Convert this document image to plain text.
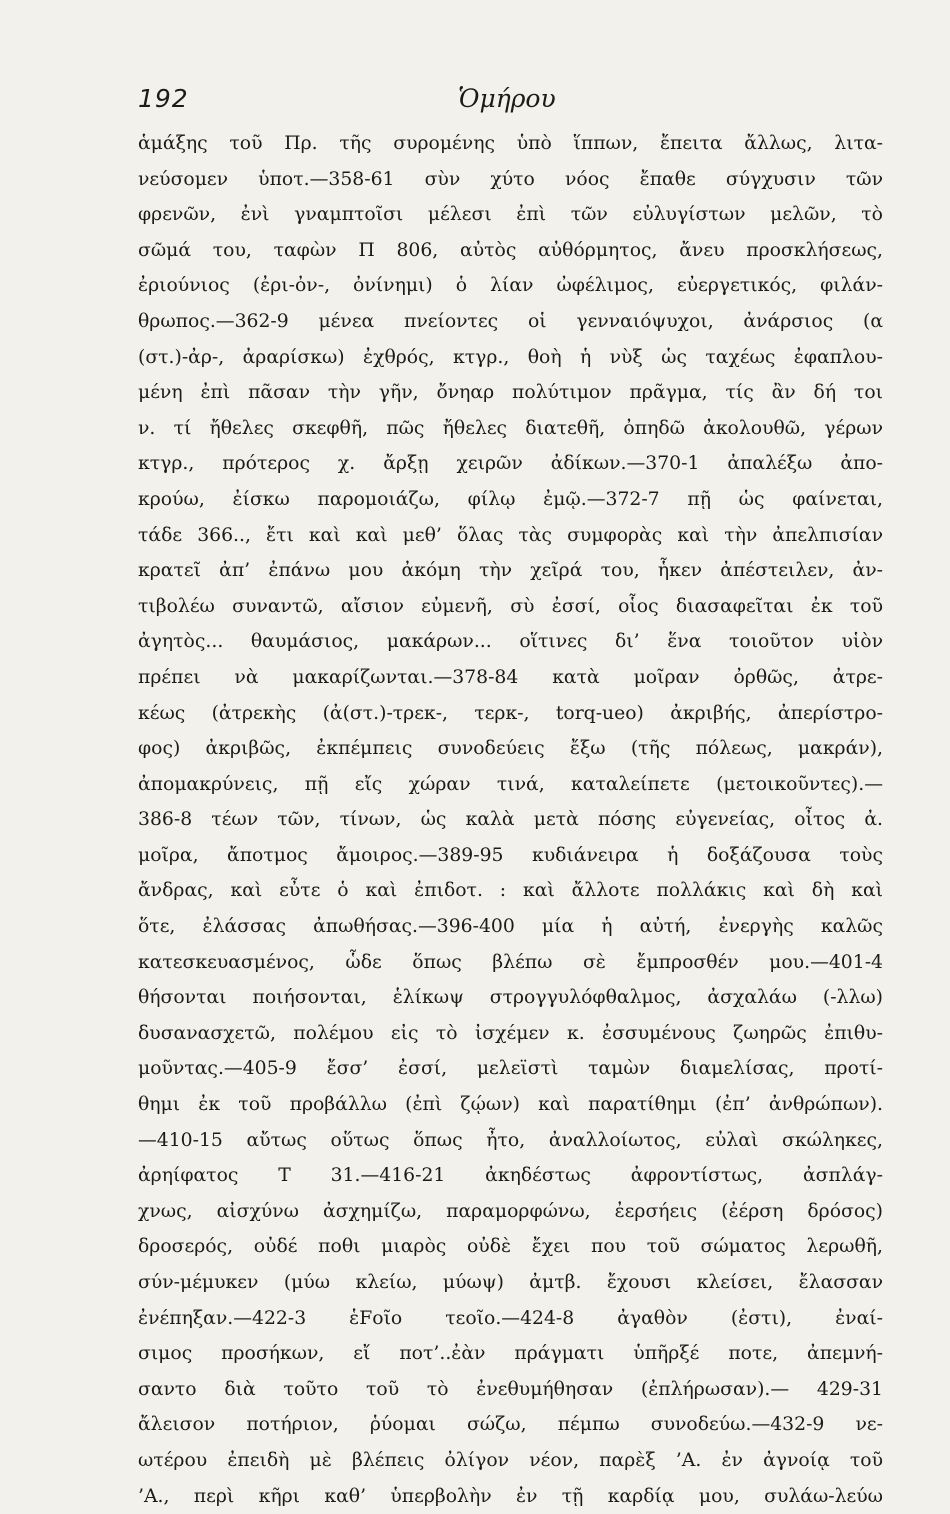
192	Ὁμήρου
ἁμάξης τοῦ Πρ. τῆς συρομένης ὑπὸ ἵππων, ἔπειτα ἄλλως, λιτα-
νεύσομεν ὑποτ.—358-61 σὺν χύτο νόος ἔπαθε σύγχυσιν τῶν
φρενῶν, ἐνὶ γναμπτοῖσι μέλεσι ἐπὶ τῶν εὐλυγίστων μελῶν, τὸ
σῶμά του, ταφὼν Π 806, αὐτὸς αὐθόρμητος, ἄνευ προσκλήσεως,
ἐριούνιος (ἐρι-ὀν-, ὀνίνημι) ὁ λίαν ὠφέλιμος, εὐεργετικός, φιλάν-
θρωπος.—362-9 μένεα πνείοντες οἱ γενναιόψυχοι, ἀνάρσιος (α
(στ.)-ἀρ-, ἀραρίσκω) ἐχθρός, κτγρ., θοὴ ἡ νὺξ ὡς ταχέως ἐφαπλου-
μένη ἐπὶ πᾶσαν τὴν γῆν, ὄνηαρ πολύτιμον πρᾶγμα, τίς ἂν δή τοι
ν. τί ἤθελες σκεφθῆ, πῶς ἤθελες διατεθῆ, ὀπηδῶ ἀκολουθῶ, γέρων
κτγρ., πρότερος χ. ἄρξῃ χειρῶν ἀδίκων.—370-1 ἀπαλέξω ἀπο-
κρούω, ἐίσκω παρομοιάζω, φίλῳ ἐμῷ.—372-7 πῇ ὡς φαίνεται,
τάδε 366.., ἔτι καὶ καὶ μεθ’ ὅλας τὰς συμφορὰς καὶ τὴν ἀπελπισίαν
κρατεῖ ἀπ’ ἐπάνω μου ἀκόμη τὴν χεῖρά του, ἧκεν ἀπέστειλεν, ἀν-
τιβολέω συναντῶ, αἴσιον εὐμενῆ, σὺ ἐσσί, οἷος διασαφεῖται ἐκ τοῦ
ἀγητὸς... θαυμάσιος, μακάρων... οἵτινες δι’ ἕνα τοιοῦτον υἱὸν
πρέπει νὰ μακαρίζωνται.—378-84 κατὰ μοῖραν ὀρθῶς, ἀτρε-
κέως (ἀτρεκὴς (ἀ(στ.)-τρεκ-, τερκ-, torq-ueo) ἀκριβής, ἀπερίστρο-
φος) ἀκριβῶς, ἐκπέμπεις συνοδεύεις ἔξω (τῆς πόλεως, μακράν),
ἀπομακρύνεις, πῇ εἴς χώραν τινά, καταλείπετε (μετοικοῦντες).—
386-8 τέων τῶν, τίνων, ὡς καλὰ μετὰ πόσης εὐγενείας, οἶτος ἀ.
μοῖρα, ἄποτμος ἄμοιρος.—389-95 κυδιάνειρα ἡ δοξάζουσα τοὺς
ἄνδρας, καὶ εὖτε ὁ καὶ ἐπιδοτ. : καὶ ἄλλοτε πολλάκις καὶ δὴ καὶ
ὅτε, ἐλάσσας ἀπωθήσας.—396-400 μία ἡ αὐτή, ἐνεργὴς καλῶς
κατεσκευασμένος, ὧδε ὅπως βλέπω σὲ ἔμπροσθέν μου.—401-4
θήσονται ποιήσονται, ἑλίκωψ στρογγυλόφθαλμος, ἀσχαλάω (-λλω)
δυσανασχετῶ, πολέμου εἰς τὸ ἰσχέμεν κ. ἐσσυμένους ζωηρῶς ἐπιθυ-
μοῦντας.—405-9 ἔσσ’ ἐσσί, μελεϊστὶ ταμὼν διαμελίσας, προτί-
θημι ἐκ τοῦ προβάλλω (ἐπὶ ζῴων) καὶ παρατίθημι (ἐπ’ ἀνθρώπων).
—410-15 αὔτως οὕτως ὅπως ἦτο, ἀναλλοίωτος, εὐλαὶ σκώληκες,
ἀρηίφατος Τ 31.—416-21 ἀκηδέστως ἀφροντίστως, ἀσπλάγ-
χνως, αἰσχύνω ἀσχημίζω, παραμορφώνω, ἐερσήεις (ἐέρση δρόσος)
δροσερός, οὐδέ ποθι μιαρὸς οὐδὲ ἔχει που τοῦ σώματος λερωθῆ,
σύν-μέμυκεν (μύω κλείω, μύωψ) ἀμτβ. ἔχουσι κλείσει, ἔλασσαν
ἐνέπηξαν.—422-3 ἑFοῖο τεοῖο.—424-8 ἀγαθὸν (ἐστι), ἐναί-
σιμος προσήκων, εἴ ποτ’..ἐὰν πράγματι ὑπῆρξέ ποτε, ἀπεμνή-
σαντο διὰ τοῦτο τοῦ τὸ ἐνεθυμήθησαν (ἐπλήρωσαν).— 429-31
ἄλεισον ποτήριον, ῥύομαι σώζω, πέμπω συνοδεύω.—432-9 νε-
ωτέρου ἐπειδὴ μὲ βλέπεις ὀλίγον νέον, παρὲξ ’Α. ἐν ἀγνοίᾳ τοῦ
’Α., περὶ κῆρι καθ’ ὑπερβολὴν ἐν τῇ καρδίᾳ μου, συλάω-λεύω
